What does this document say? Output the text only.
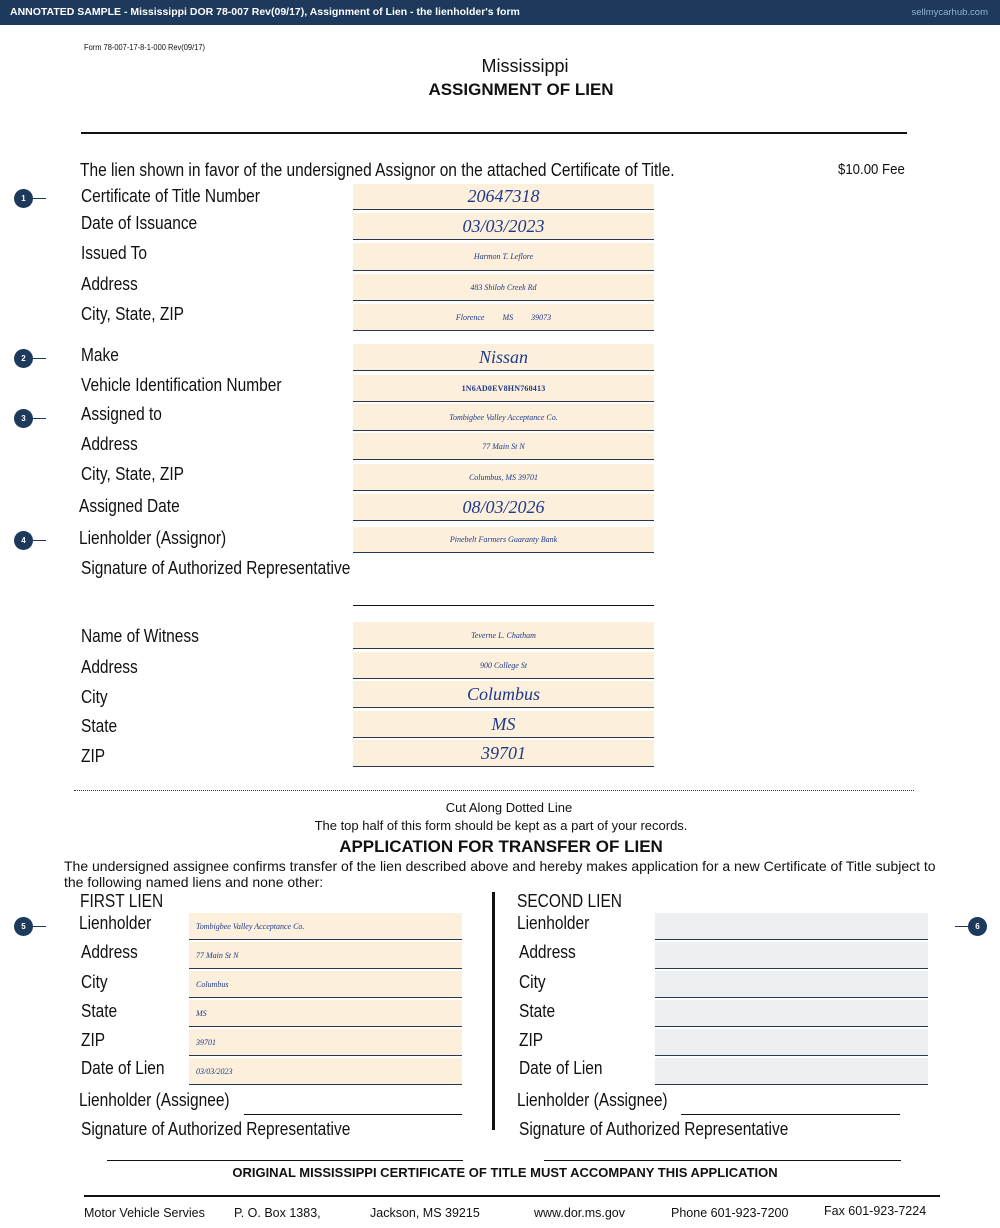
ANNOTATED SAMPLE - Mississippi DOR 78-007 Rev(09/17), Assignment of Lien - the lienholder's form	sellmycarhub.com
Form 78-007-17-8-1-000 Rev(09/17)
Mississippi
ASSIGNMENT OF LIEN
The lien shown in favor of the undersigned Assignor on the attached Certificate of Title.	$10.00 Fee
1
2
3
4
5	6
Certificate of Title Number	20647318
Date of Issuance	03/03/2023
Issued To	Harmon T. Leflore
Address	483 Shiloh Creek Rd
City, State, ZIP	Florence MS 39073
Make	Nissan
Vehicle Identification Number	1N6AD0EV8HN760413
Assigned to	Tombigbee Valley Acceptance Co.
Address	77 Main St N
City, State, ZIP	Columbus, MS 39701
Assigned Date	08/03/2026
Lienholder (Assignor)	Pinebelt Farmers Guaranty Bank
Signature of Authorized Representative
Name of Witness	Teverne L. Chatham
Address	900 College St
City	Columbus
State	MS
ZIP	39701
Cut Along Dotted Line
The top half of this form should be kept as a part of your records.
APPLICATION FOR TRANSFER OF LIEN
The undersigned assignee confirms transfer of the lien described above and hereby makes application for a new Certificate of Title subject to
the following named liens and none other:
FIRST LIEN
Lienholder	Tombigbee Valley Acceptance Co.
Address	77 Main St N
City	Columbus
State	MS
ZIP	39701
Date of Lien	03/03/2023
Lienholder (Assignee)
Signature of Authorized Representative
SECOND LIEN
Lienholder
Address
City
State
ZIP
Date of Lien
Lienholder (Assignee)
Signature of Authorized Representative
ORIGINAL MISSISSIPPI CERTIFICATE OF TITLE MUST ACCOMPANY THIS APPLICATION
Motor Vehicle Servies P. O. Box 1383,	Jackson, MS 39215	www.dor.ms.gov	Phone 601-923-7200	Fax 601-923-7224
